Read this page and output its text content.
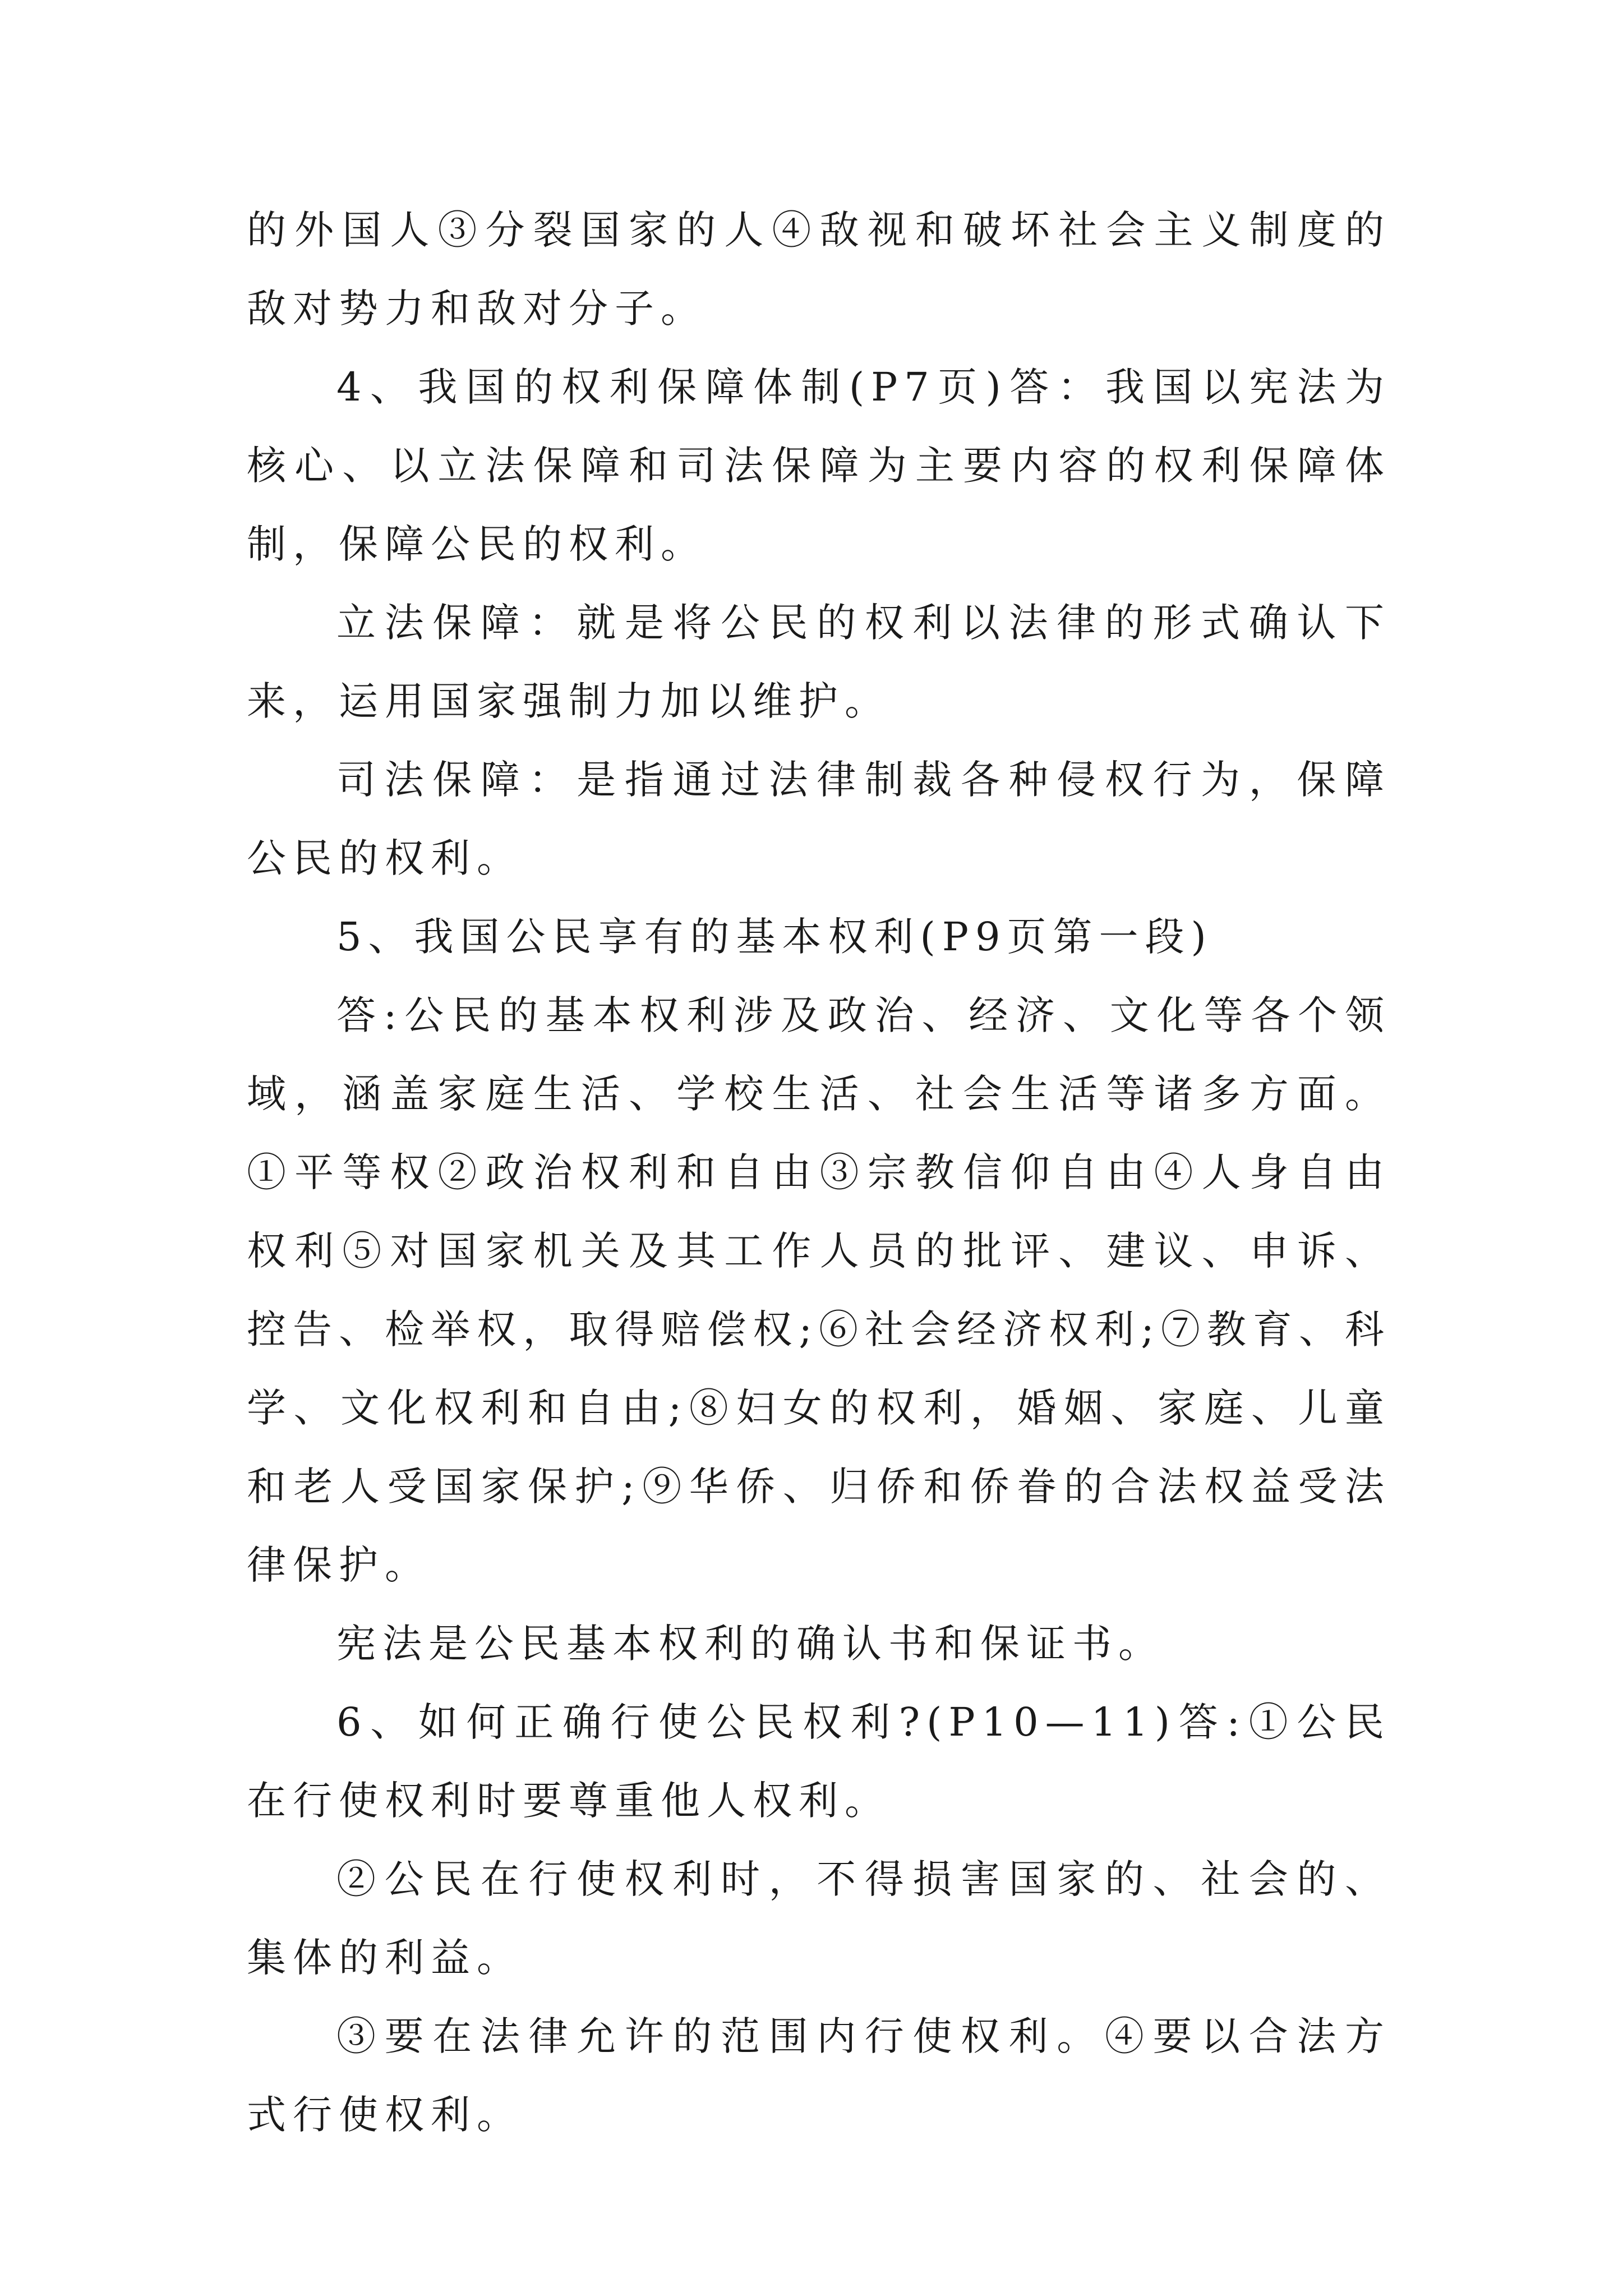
的外国人③分裂国家的人④敌视和破坏社会主义制度的敌对势力和敌对分子。

4、我国的权利保障体制(P7页)答：我国以宪法为核心、以立法保障和司法保障为主要内容的权利保障体制，保障公民的权利。

立法保障：就是将公民的权利以法律的形式确认下来，运用国家强制力加以维护。

司法保障：是指通过法律制裁各种侵权行为，保障公民的权利。

5、我国公民享有的基本权利(P9页第一段)

答:公民的基本权利涉及政治、经济、文化等各个领域，涵盖家庭生活、学校生活、社会生活等诸多方面。①平等权②政治权利和自由③宗教信仰自由④人身自由权利⑤对国家机关及其工作人员的批评、建议、申诉、控告、检举权，取得赔偿权;⑥社会经济权利;⑦教育、科学、文化权利和自由;⑧妇女的权利，婚姻、家庭、儿童和老人受国家保护;⑨华侨、归侨和侨眷的合法权益受法律保护。

宪法是公民基本权利的确认书和保证书。

6、如何正确行使公民权利?(P10—11)答:①公民在行使权利时要尊重他人权利。

②公民在行使权利时，不得损害国家的、社会的、集体的利益。

③要在法律允许的范围内行使权利。④要以合法方式行使权利。
